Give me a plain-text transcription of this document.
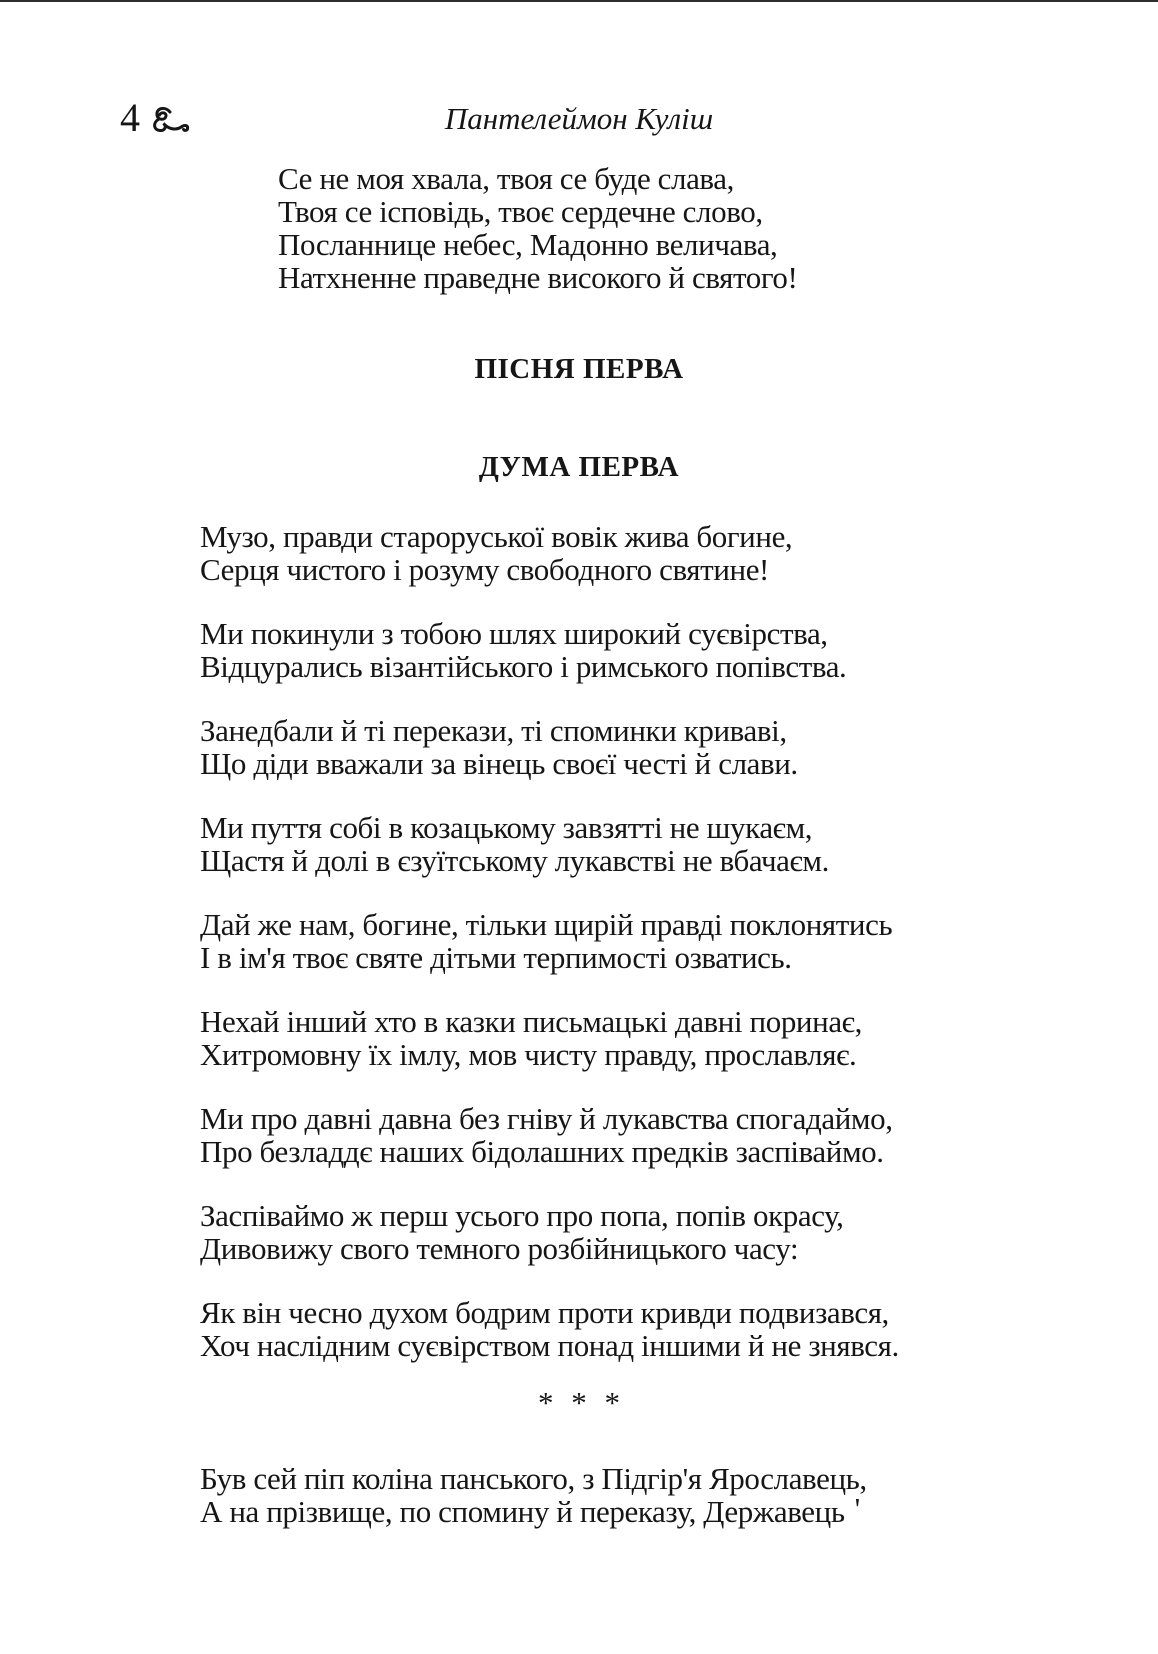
4	Пантелеймон Куліш

Се не моя хвала, твоя се буде слава,

Твоя се ісповідь, твоє сердечне слово,

Посланнице небес, Мадонно величава,

Натхненне праведне високого й святого!

ПІСНЯ ПЕРВА
ДУМА ПЕРВА

Музо, правди староруської вовік жива богине,

Серця чистого і розуму свободного святине!

Ми покинули з тобою шлях широкий суєвірства,

Відцурались візантійського і римського попівства.

Занедбали й ті перекази, ті споминки криваві,

Що діди вважали за вінець своєї честі й слави.

Ми пуття собі в козацькому завзятті не шукаєм,

Щастя й долі в єзуїтському лукавстві не вбачаєм.

Дай же нам, богине, тільки щирій правді поклонятись

І в ім'я твоє святе дітьми терпимості озватись.

Нехай інший хто в казки письмацькі давні поринає,

Хитромовну їх імлу, мов чисту правду, прославляє.

Ми про давні давна без гніву й лукавства спогадаймо,

Про безладдє наших бідолашних предків заспіваймо.

Заспіваймо ж перш усього про попа, попів окрасу,

Дивовижу свого темного розбійницького часу:

Як він чесно духом бодрим проти кривди подвизався,

Хоч наслідним суєвірством понад іншими й не знявся.

* * *

Був сей піп коліна панського, з Підгір'я Ярославець,

А на прізвище, по спомину й переказу, Державець '
